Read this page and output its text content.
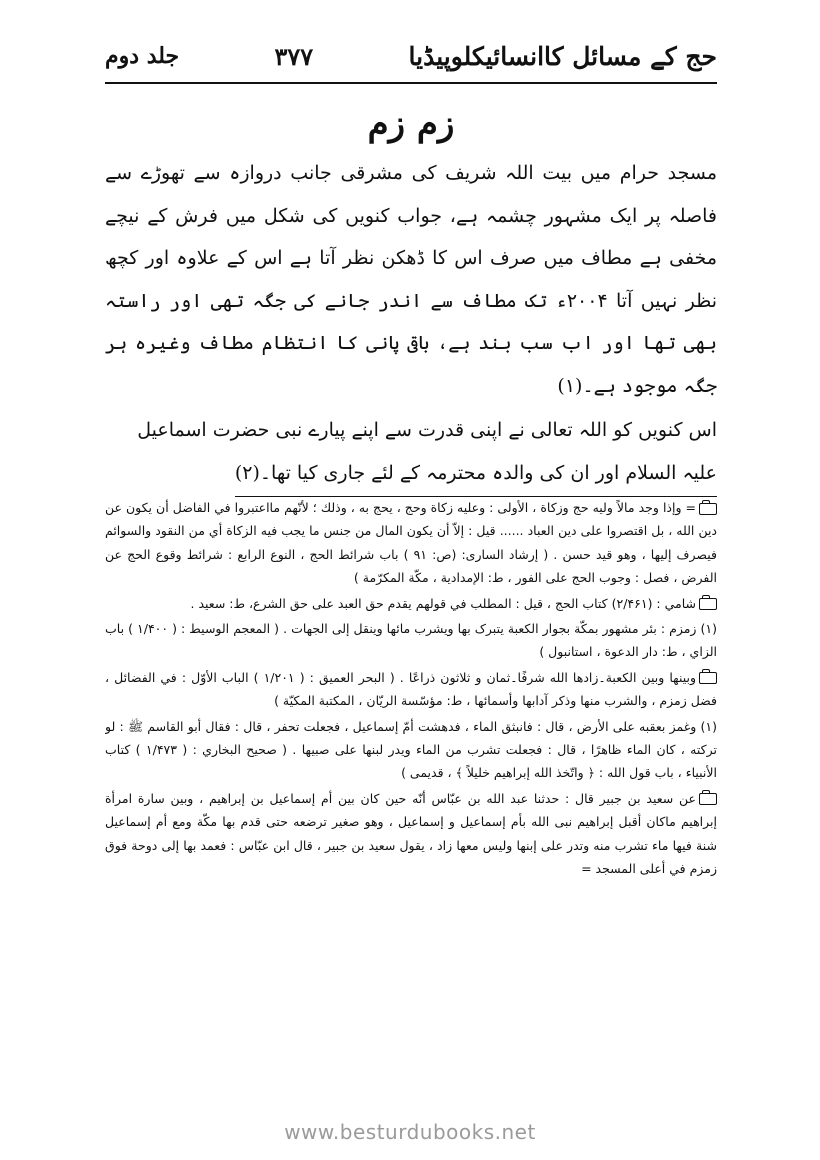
جلد دوم	۳۷۷	حج کے مسائل کاانسائیکلوپیڈیا
زم زم

مسجد حرام میں بیت اللہ شریف کی مشرقی جانب دروازہ سے تھوڑے سے فاصلہ پر ایک مشہور چشمہ ہے، جواب کنویں کی شکل میں فرش کے نیچے مخفی ہے مطاف میں صرف اس کا ڈھکن نظر آتا ہے اس کے علاوہ اور کچھ نظر نہیں آتا ۲۰۰۴ء تک مطاف سے اندر جانے کی جگہ تھی اور راستہ بھی تھا اور اب سب بند ہے، باقی پانی کا انتظام مطاف وغیرہ ہر جگہ موجود ہے۔(۱)

اس کنویں کو اللہ تعالی نے اپنی قدرت سے اپنے پیارے نبی حضرت اسماعیل
علیہ السلام اور ان کی والدہ محترمہ کے لئے جاری کیا تھا۔(۲)

= وإذا وجد مالاً وليه حج وزكاة ، الأولى : وعليه زكاة وحج ، يحج به ، وذلك ؛ لأنّهم مااعتبروا في الفاضل أن يكون عن دين الله ، بل اقتصروا على دين العباد ...... قيل : إلاّ أن يكون المال من جنس ما يجب فيه الزكاة أي من النقود والسوائم فيصرف إليها ، وهو قيد حسن . ( إرشاد السارى: (ص: ۹۱ ) باب شرائط الحج ، النوع الرابع : شرائط وقوع الحج عن الفرض ، فصل : وجوب الحج على الفور ، ط: الإمدادية ، مكّة المكرّمة )

شامي : (۲/۴۶۱) كتاب الحج ، قيل : المطلب في قولهم يقدم حق العبد على حق الشرع، ط: سعيد .

(۱) زمزم : بئر مشهور بمكّة بجوار الكعبة يتبرک بها ويشرب مائها وينقل إلى الجهات . ( المعجم الوسيط : ( ۱/۴۰۰ ) باب الزاي ، ط: دار الدعوة ، استانبول )

وبينها وبين الكعبة۔زادها الله شرفًا۔ثمان و ثلاثون ذراعًا . ( البحر العميق : ( ۱/۲۰۱ ) الباب الأوّل : في الفضائل ، فضل زمزم ، والشرب منها وذكر آدابها وأسمائها ، ط: مؤسّسة الريّان ، المكتبة المكيّة )

(۱) وغمز بعقبه على الأرض ، قال : فانبثق الماء ، فدهشت أمّ إسماعيل ، فجعلت تحفر ، قال : فقال أبو القاسم ﷺ : لو تركته ، كان الماء ظاهرًا ، قال : فجعلت تشرب من الماء ويدر لبنها على صبيها . ( صحيح البخاري : ( ۱/۴۷۳ ) كتاب الأنبياء ، باب قول الله : ﴿ واتّخذ الله إبراهيم خليلاً ﴾ ، قديمى )

عن سعيد بن جبير قال : حدثنا عبد الله بن عبّاس أنّه حين كان بين أم إسماعيل بن إبراهيم ، وبين سارة امرأة إبراهيم ماكان أقبل إبراهيم نبى الله بأم إسماعيل و إسماعيل ، وهو صغير ترضعه حتى قدم بها مكّة ومع أم إسماعيل شنة فيها ماء تشرب منه وتدر على إبنها وليس معها زاد ، يقول سعيد بن جبير ، قال ابن عبّاس : فعمد بها إلى دوحة فوق زمزم في أعلى المسجد =

www.besturdubooks.net
